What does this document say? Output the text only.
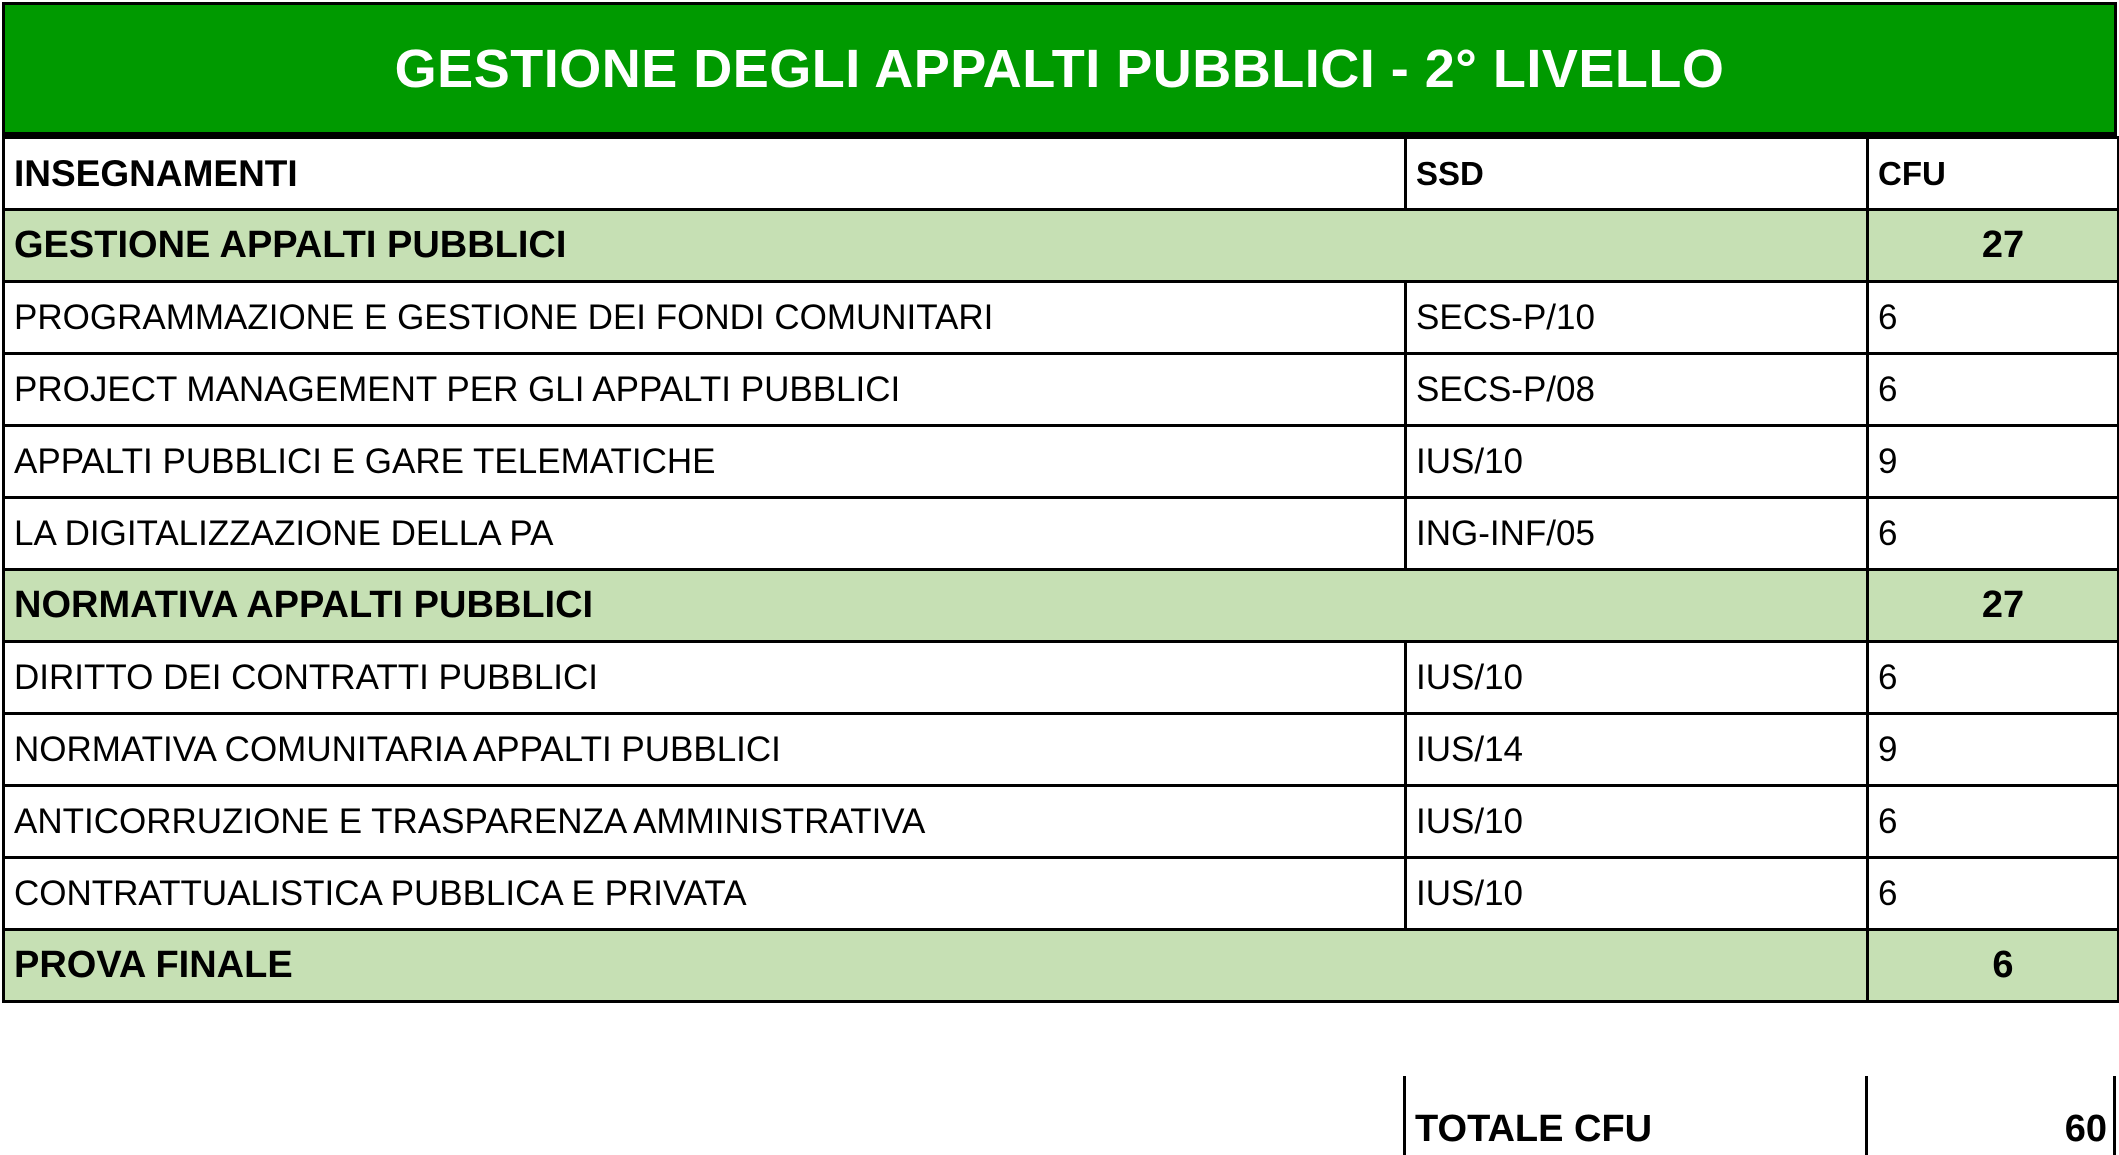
GESTIONE DEGLI APPALTI PUBBLICI - 2° LIVELLO
INSEGNAMENTI	SSD	CFU
GESTIONE APPALTI PUBBLICI		27
PROGRAMMAZIONE E GESTIONE DEI FONDI COMUNITARI	SECS-P/10	6
PROJECT MANAGEMENT PER GLI APPALTI PUBBLICI	SECS-P/08	6
APPALTI PUBBLICI E GARE TELEMATICHE	IUS/10	9
LA DIGITALIZZAZIONE DELLA PA	ING-INF/05	6
NORMATIVA APPALTI PUBBLICI		27
DIRITTO DEI CONTRATTI PUBBLICI	IUS/10	6
NORMATIVA COMUNITARIA APPALTI PUBBLICI	IUS/14	9
ANTICORRUZIONE E TRASPARENZA AMMINISTRATIVA	IUS/10	6
CONTRATTUALISTICA PUBBLICA E PRIVATA	IUS/10	6
PROVA FINALE		6
TOTALE CFU	60
